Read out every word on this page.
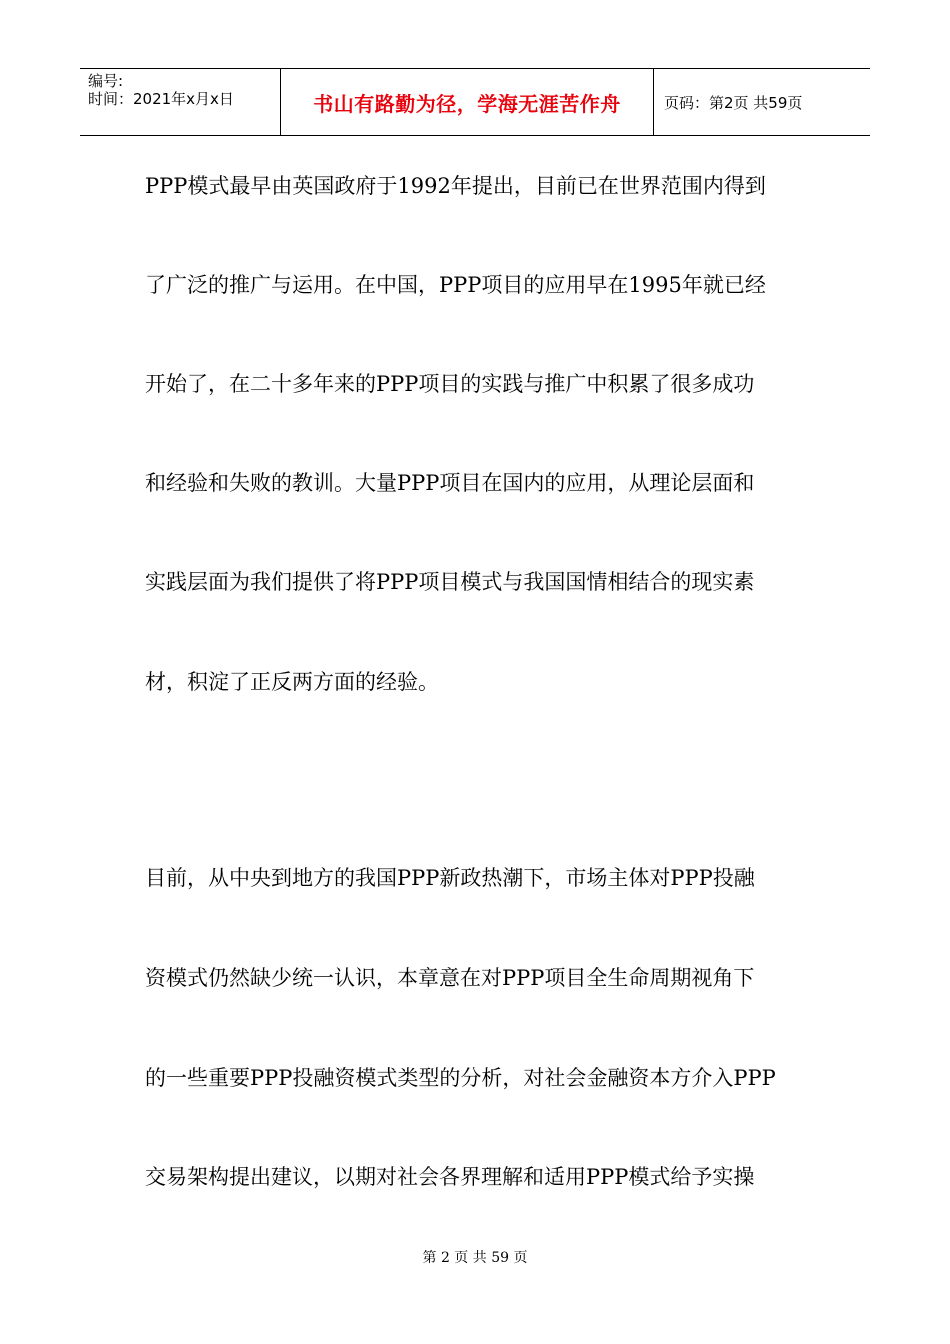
编号:
时间：2021年x月x日	书山有路勤为径，学海无涯苦作舟	页码：第2页 共59页
PPP模式最早由英国政府于1992年提出，目前已在世界范围内得到
了广泛的推广与运用。在中国，PPP项目的应用早在1995年就已经
开始了，在二十多年来的PPP项目的实践与推广中积累了很多成功
和经验和失败的教训。大量PPP项目在国内的应用，从理论层面和
实践层面为我们提供了将PPP项目模式与我国国情相结合的现实素
材，积淀了正反两方面的经验。
目前，从中央到地方的我国PPP新政热潮下，市场主体对PPP投融
资模式仍然缺少统一认识，本章意在对PPP项目全生命周期视角下
的一些重要PPP投融资模式类型的分析，对社会金融资本方介入PPP
交易架构提出建议，以期对社会各界理解和适用PPP模式给予实操
第 2 页 共 59 页
